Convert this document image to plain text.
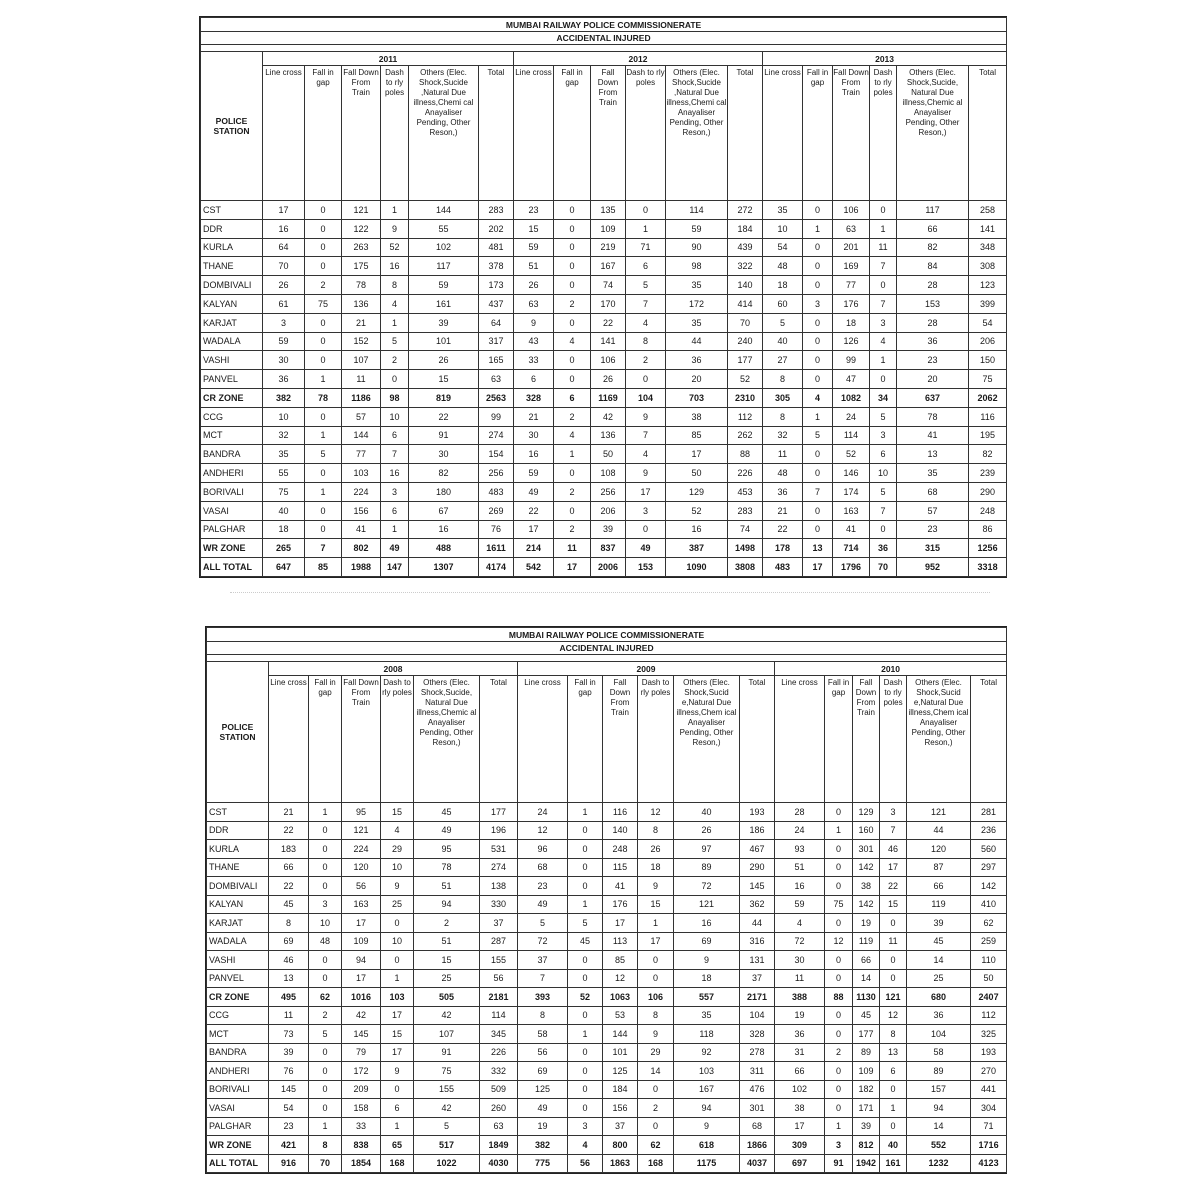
MUMBAI RAILWAY POLICE COMMISSIONERATE																		
ACCIDENTAL INJURED																		

POLICE STATION	2011						2012						2013					
	Line cross	Fall in gap	Fall Down From Train	Dash to rly poles	Others (Elec. Shock,Sucide ,Natural Due illness,Chemi cal Anayaliser Pending, Other Reson,)	Total	Line cross	Fall in gap	Fall Down From Train	Dash to rly poles	Others (Elec. Shock,Sucide ,Natural Due illness,Chemi cal Anayaliser Pending, Other Reson,)	Total	Line cross	Fall in gap	Fall Down From Train	Dash to rly poles	Others (Elec. Shock,Sucide, Natural Due illness,Chemic al Anayaliser Pending, Other Reson,)	Total
CST	17	0	121	1	144	283	23	0	135	0	114	272	35	0	106	0	117	258
DDR	16	0	122	9	55	202	15	0	109	1	59	184	10	1	63	1	66	141
KURLA	64	0	263	52	102	481	59	0	219	71	90	439	54	0	201	11	82	348
THANE	70	0	175	16	117	378	51	0	167	6	98	322	48	0	169	7	84	308
DOMBIVALI	26	2	78	8	59	173	26	0	74	5	35	140	18	0	77	0	28	123
KALYAN	61	75	136	4	161	437	63	2	170	7	172	414	60	3	176	7	153	399
KARJAT	3	0	21	1	39	64	9	0	22	4	35	70	5	0	18	3	28	54
WADALA	59	0	152	5	101	317	43	4	141	8	44	240	40	0	126	4	36	206
VASHI	30	0	107	2	26	165	33	0	106	2	36	177	27	0	99	1	23	150
PANVEL	36	1	11	0	15	63	6	0	26	0	20	52	8	0	47	0	20	75
CR ZONE	382	78	1186	98	819	2563	328	6	1169	104	703	2310	305	4	1082	34	637	2062
CCG	10	0	57	10	22	99	21	2	42	9	38	112	8	1	24	5	78	116
MCT	32	1	144	6	91	274	30	4	136	7	85	262	32	5	114	3	41	195
BANDRA	35	5	77	7	30	154	16	1	50	4	17	88	11	0	52	6	13	82
ANDHERI	55	0	103	16	82	256	59	0	108	9	50	226	48	0	146	10	35	239
BORIVALI	75	1	224	3	180	483	49	2	256	17	129	453	36	7	174	5	68	290
VASAI	40	0	156	6	67	269	22	0	206	3	52	283	21	0	163	7	57	248
PALGHAR	18	0	41	1	16	76	17	2	39	0	16	74	22	0	41	0	23	86
WR ZONE	265	7	802	49	488	1611	214	11	837	49	387	1498	178	13	714	36	315	1256
ALL TOTAL	647	85	1988	147	1307	4174	542	17	2006	153	1090	3808	483	17	1796	70	952	3318
MUMBAI RAILWAY POLICE COMMISSIONERATE																		
ACCIDENTAL INJURED																		

POLICE STATION	2008						2009						2010					
	Line cross	Fall in gap	Fall Down From Train	Dash to rly poles	Others (Elec. Shock,Sucide, Natural Due illness,Chemic al Anayaliser Pending, Other Reson,)	Total	Line cross	Fall in gap	Fall Down From Train	Dash to rly poles	Others (Elec. Shock,Sucid e,Natural Due illness,Chem ical Anayaliser Pending, Other Reson,)	Total	Line cross	Fall in gap	Fall Down From Train	Dash to rly poles	Others (Elec. Shock,Sucid e,Natural Due illness,Chem ical Anayaliser Pending, Other Reson,)	Total
CST	21	1	95	15	45	177	24	1	116	12	40	193	28	0	129	3	121	281
DDR	22	0	121	4	49	196	12	0	140	8	26	186	24	1	160	7	44	236
KURLA	183	0	224	29	95	531	96	0	248	26	97	467	93	0	301	46	120	560
THANE	66	0	120	10	78	274	68	0	115	18	89	290	51	0	142	17	87	297
DOMBIVALI	22	0	56	9	51	138	23	0	41	9	72	145	16	0	38	22	66	142
KALYAN	45	3	163	25	94	330	49	1	176	15	121	362	59	75	142	15	119	410
KARJAT	8	10	17	0	2	37	5	5	17	1	16	44	4	0	19	0	39	62
WADALA	69	48	109	10	51	287	72	45	113	17	69	316	72	12	119	11	45	259
VASHI	46	0	94	0	15	155	37	0	85	0	9	131	30	0	66	0	14	110
PANVEL	13	0	17	1	25	56	7	0	12	0	18	37	11	0	14	0	25	50
CR ZONE	495	62	1016	103	505	2181	393	52	1063	106	557	2171	388	88	1130	121	680	2407
CCG	11	2	42	17	42	114	8	0	53	8	35	104	19	0	45	12	36	112
MCT	73	5	145	15	107	345	58	1	144	9	118	328	36	0	177	8	104	325
BANDRA	39	0	79	17	91	226	56	0	101	29	92	278	31	2	89	13	58	193
ANDHERI	76	0	172	9	75	332	69	0	125	14	103	311	66	0	109	6	89	270
BORIVALI	145	0	209	0	155	509	125	0	184	0	167	476	102	0	182	0	157	441
VASAI	54	0	158	6	42	260	49	0	156	2	94	301	38	0	171	1	94	304
PALGHAR	23	1	33	1	5	63	19	3	37	0	9	68	17	1	39	0	14	71
WR ZONE	421	8	838	65	517	1849	382	4	800	62	618	1866	309	3	812	40	552	1716
ALL TOTAL	916	70	1854	168	1022	4030	775	56	1863	168	1175	4037	697	91	1942	161	1232	4123
